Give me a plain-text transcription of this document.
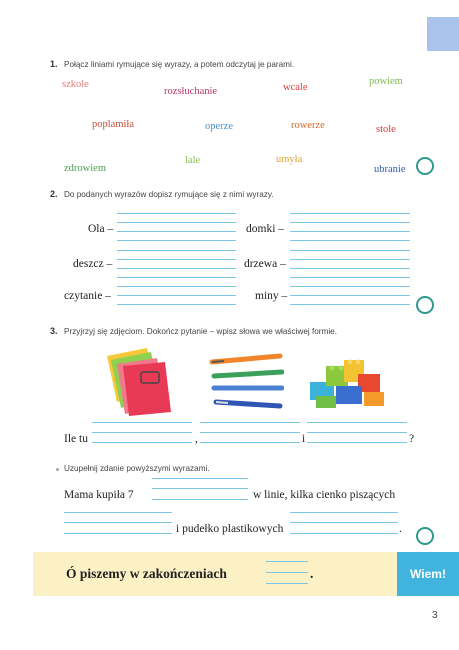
1. Połącz liniami rymujące się wyrazy, a potem odczytaj je parami.
szkole
rozsłuchanie	wcale
powiem
poplamiła	operze	rowerze	stole
zdrowiem
lale	umyła
ubranie
2. Do podanych wyrazów dopisz rymujące się z nimi wyrazy.
Ola –	domki –
deszcz –	drzewa –
czytanie –	miny –
3. Przyjrzyj się zdjęciom. Dokończ pytanie – wpisz słowa we właściwej formie.
Ile tu	,	i	?
Uzupełnij zdanie powyższymi wyrazami.
Mama kupiła 7	w linie, kilka cienko piszących
i pudełko plastikowych	.
Ó piszemy w zakończeniach	.	Wiem!
3
